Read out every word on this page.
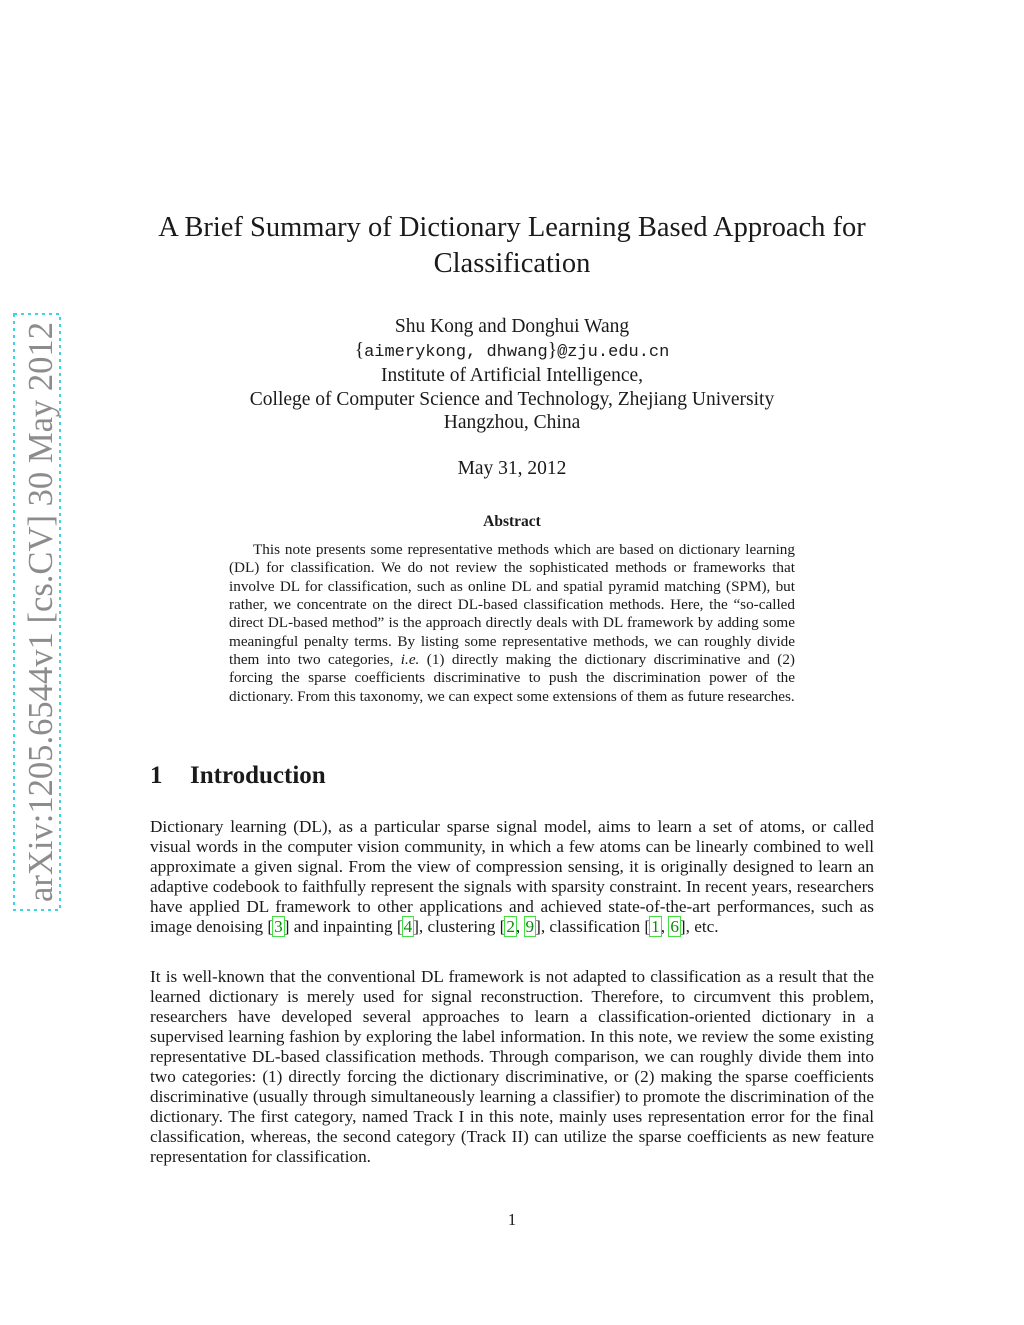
arXiv:1205.6544v1 [cs.CV] 30 May 2012
A Brief Summary of Dictionary Learning Based Approach for Classification
Shu Kong and Donghui Wang
{aimerykong, dhwang}@zju.edu.cn
Institute of Artificial Intelligence,
College of Computer Science and Technology, Zhejiang University
Hangzhou, China
May 31, 2012
Abstract

This note presents some representative methods which are based on dictionary learning (DL) for classification. We do not review the sophisticated methods or frameworks that involve DL for classification, such as online DL and spatial pyramid matching (SPM), but rather, we concentrate on the direct DL-based classification methods. Here, the “so-called direct DL-based method” is the approach directly deals with DL framework by adding some meaningful penalty terms. By listing some representative methods, we can roughly divide them into two categories, i.e. (1) directly making the dictionary discriminative and (2) forcing the sparse coefficients discriminative to push the discrimination power of the dictionary. From this taxonomy, we can expect some extensions of them as future researches.

1 Introduction

Dictionary learning (DL), as a particular sparse signal model, aims to learn a set of atoms, or called visual words in the computer vision community, in which a few atoms can be linearly combined to well approximate a given signal. From the view of compression sensing, it is originally designed to learn an adaptive codebook to faithfully represent the signals with sparsity constraint. In recent years, researchers have applied DL framework to other applications and achieved state-of-the-art performances, such as image denoising [3] and inpainting [4], clustering [2, 9], classification [1, 6], etc.

It is well-known that the conventional DL framework is not adapted to classification as a result that the learned dictionary is merely used for signal reconstruction. Therefore, to circumvent this problem, researchers have developed several approaches to learn a classification-oriented dictionary in a supervised learning fashion by exploring the label information. In this note, we review the some existing representative DL-based classification methods. Through comparison, we can roughly divide them into two categories: (1) directly forcing the dictionary discriminative, or (2) making the sparse coefficients discriminative (usually through simultaneously learning a classifier) to promote the discrimination of the dictionary. The first category, named Track I in this note, mainly uses representation error for the final classification, whereas, the second category (Track II) can utilize the sparse coefficients as new feature representation for classification.

1
